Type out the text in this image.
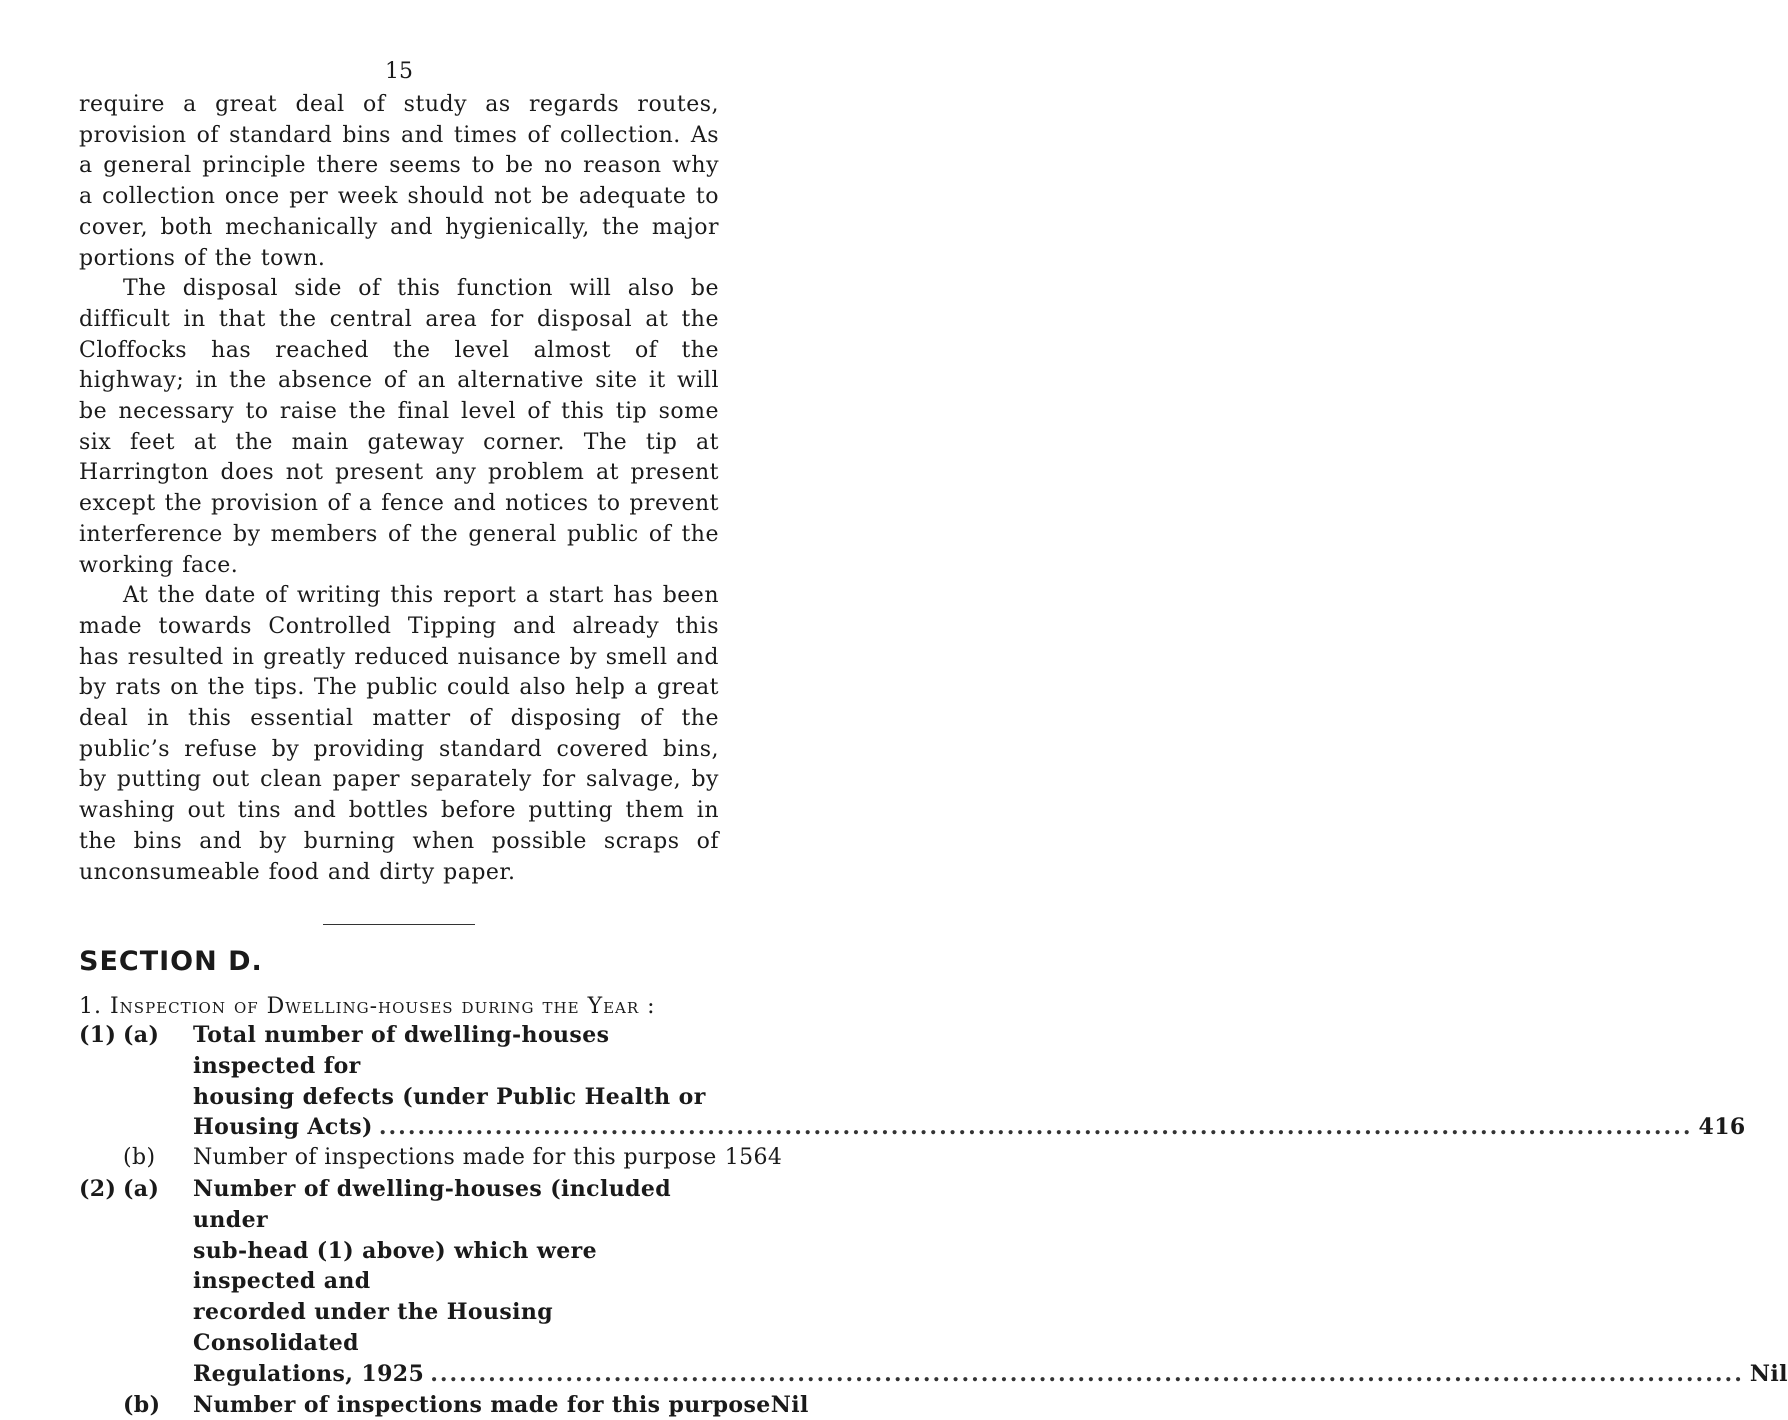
15

require a great deal of study as regards routes, provision of standard bins and times of collection. As a general principle there seems to be no reason why a collection once per week should not be adequate to cover, both mechanically and hygienically, the major portions of the town.

The disposal side of this function will also be difficult in that the central area for disposal at the Cloffocks has reached the level almost of the highway; in the absence of an alternative site it will be necessary to raise the final level of this tip some six feet at the main gateway corner. The tip at Harrington does not present any problem at present except the provision of a fence and notices to prevent interference by members of the general public of the working face.

At the date of writing this report a start has been made towards Controlled Tipping and already this has resulted in greatly reduced nuisance by smell and by rats on the tips. The public could also help a great deal in this essential matter of disposing of the public’s refuse by providing standard covered bins, by putting out clean paper separately for salvage, by washing out tins and bottles before putting them in the bins and by burning when possible scraps of unconsumeable food and dirty paper.

SECTION D.
1. Inspection of Dwelling-houses during the Year :
(1) (a)	Total number of dwelling-houses inspected for
housing defects (under Public Health or
Housing Acts) .....	416
(b)	Number of inspections made for this purpose 1564
(2) (a)	Number of dwelling-houses (included under
sub-head (1) above) which were inspected and
recorded under the Housing Consolidated
Regulations, 1925 .....	Nil
(b)	Number of inspections made for this purpose Nil
